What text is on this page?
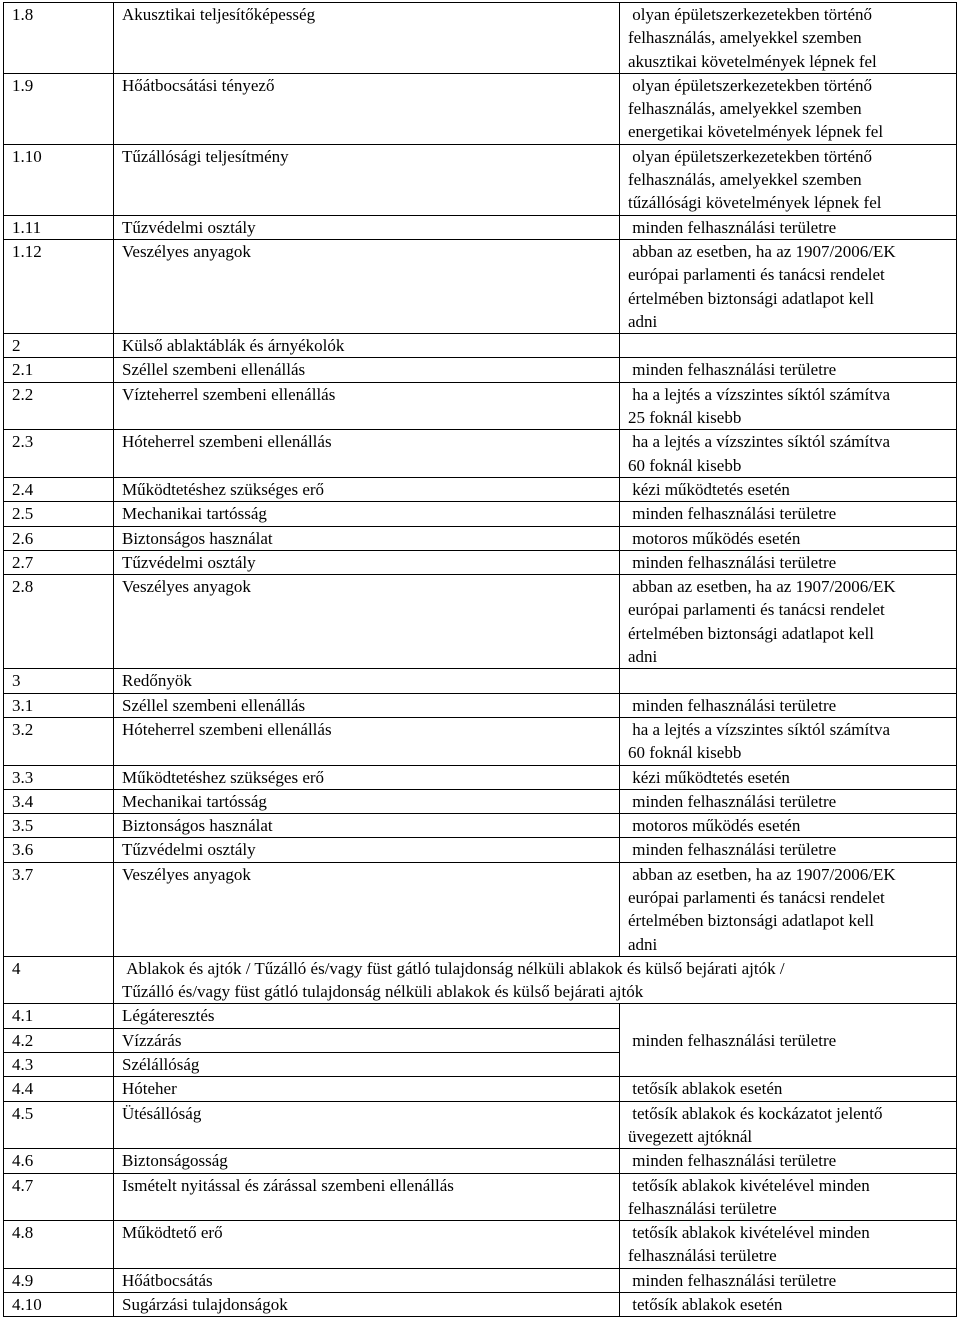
1.8	Akusztikai teljesítőképesség	olyan épületszerkezetekben történő
felhasználás, amelyekkel szemben
akusztikai követelmények lépnek fel
1.9	Hőátbocsátási tényező	olyan épületszerkezetekben történő
felhasználás, amelyekkel szemben
energetikai követelmények lépnek fel
1.10	Tűzállósági teljesítmény	olyan épületszerkezetekben történő
felhasználás, amelyekkel szemben
tűzállósági követelmények lépnek fel
1.11	Tűzvédelmi osztály	minden felhasználási területre
1.12	Veszélyes anyagok	abban az esetben, ha az 1907/2006/EK
európai parlamenti és tanácsi rendelet
értelmében biztonsági adatlapot kell
adni
2	Külső ablaktáblák és árnyékolók	
2.1	Széllel szembeni ellenállás	minden felhasználási területre
2.2	Vízteherrel szembeni ellenállás	ha a lejtés a vízszintes síktól számítva
25 foknál kisebb
2.3	Hóteherrel szembeni ellenállás	ha a lejtés a vízszintes síktól számítva
60 foknál kisebb
2.4	Működtetéshez szükséges erő	kézi működtetés esetén
2.5	Mechanikai tartósság	minden felhasználási területre
2.6	Biztonságos használat	motoros működés esetén
2.7	Tűzvédelmi osztály	minden felhasználási területre
2.8	Veszélyes anyagok	abban az esetben, ha az 1907/2006/EK
európai parlamenti és tanácsi rendelet
értelmében biztonsági adatlapot kell
adni
3	Redőnyök	
3.1	Széllel szembeni ellenállás	minden felhasználási területre
3.2	Hóteherrel szembeni ellenállás	ha a lejtés a vízszintes síktól számítva
60 foknál kisebb
3.3	Működtetéshez szükséges erő	kézi működtetés esetén
3.4	Mechanikai tartósság	minden felhasználási területre
3.5	Biztonságos használat	motoros működés esetén
3.6	Tűzvédelmi osztály	minden felhasználási területre
3.7	Veszélyes anyagok	abban az esetben, ha az 1907/2006/EK
európai parlamenti és tanácsi rendelet
értelmében biztonsági adatlapot kell
adni
4	Ablakok és ajtók / Tűzálló és/vagy füst gátló tulajdonság nélküli ablakok és külső bejárati ajtók /
Tűzálló és/vagy füst gátló tulajdonság nélküli ablakok és külső bejárati ajtók	
4.1	Légáteresztés	minden felhasználási területre
4.2	Vízzárás	
4.3	Szélállóság	
4.4	Hóteher	tetősík ablakok esetén
4.5	Ütésállóság	tetősík ablakok és kockázatot jelentő
üvegezett ajtóknál
4.6	Biztonságosság	minden felhasználási területre
4.7	Ismételt nyitással és zárással szembeni ellenállás	tetősík ablakok kivételével minden
felhasználási területre
4.8	Működtető erő	tetősík ablakok kivételével minden
felhasználási területre
4.9	Hőátbocsátás	minden felhasználási területre
4.10	Sugárzási tulajdonságok	tetősík ablakok esetén
